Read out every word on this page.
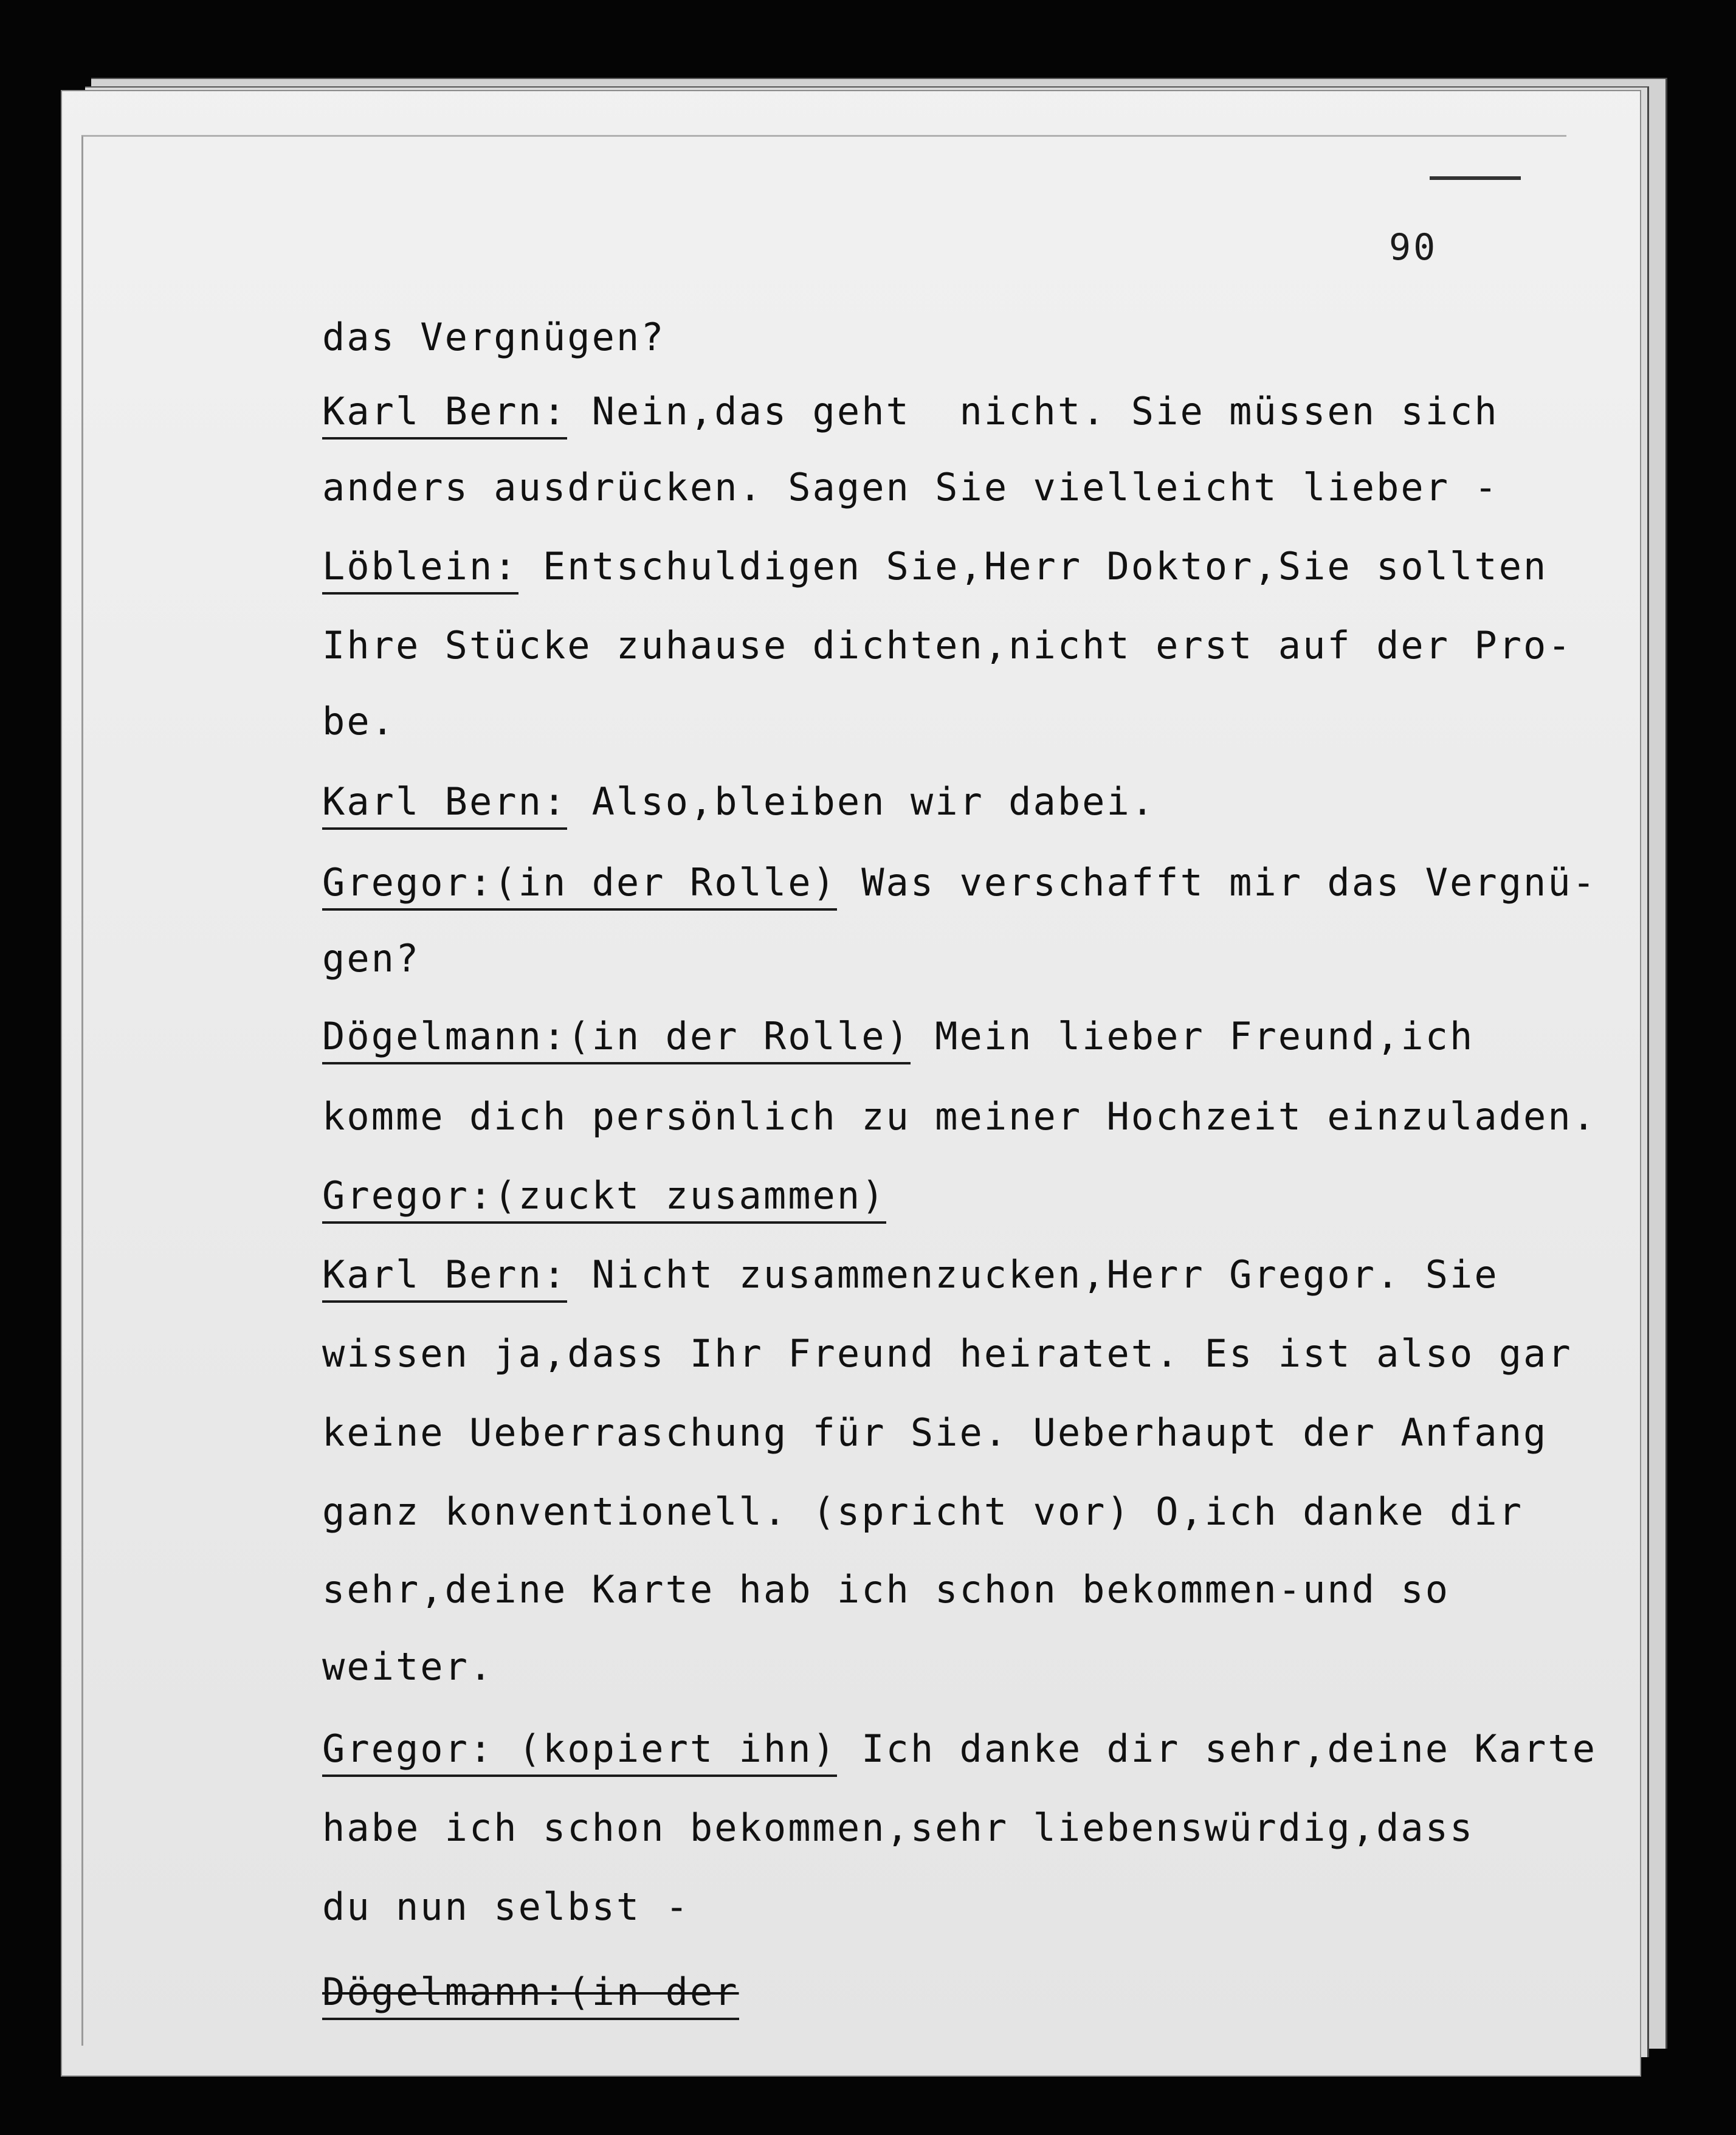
90
das Vergnügen?
Karl Bern: Nein,das geht  nicht. Sie müssen sich
anders ausdrücken. Sagen Sie vielleicht lieber -
Löblein: Entschuldigen Sie,Herr Doktor,Sie sollten
Ihre Stücke zuhause dichten,nicht erst auf der Pro-
be.
Karl Bern: Also,bleiben wir dabei.
Gregor:(in der Rolle) Was verschafft mir das Vergnü-
gen?
Dögelmann:(in der Rolle) Mein lieber Freund,ich
komme dich persönlich zu meiner Hochzeit einzuladen.
Gregor:(zuckt zusammen)
Karl Bern: Nicht zusammenzucken,Herr Gregor. Sie
wissen ja,dass Ihr Freund heiratet. Es ist also gar
keine Ueberraschung für Sie. Ueberhaupt der Anfang
ganz konventionell. (spricht vor) O,ich danke dir
sehr,deine Karte hab ich schon bekommen-und so
weiter.
Gregor: (kopiert ihn) Ich danke dir sehr,deine Karte
habe ich schon bekommen,sehr liebenswürdig,dass
du nun selbst -
Dögelmann:(in der
